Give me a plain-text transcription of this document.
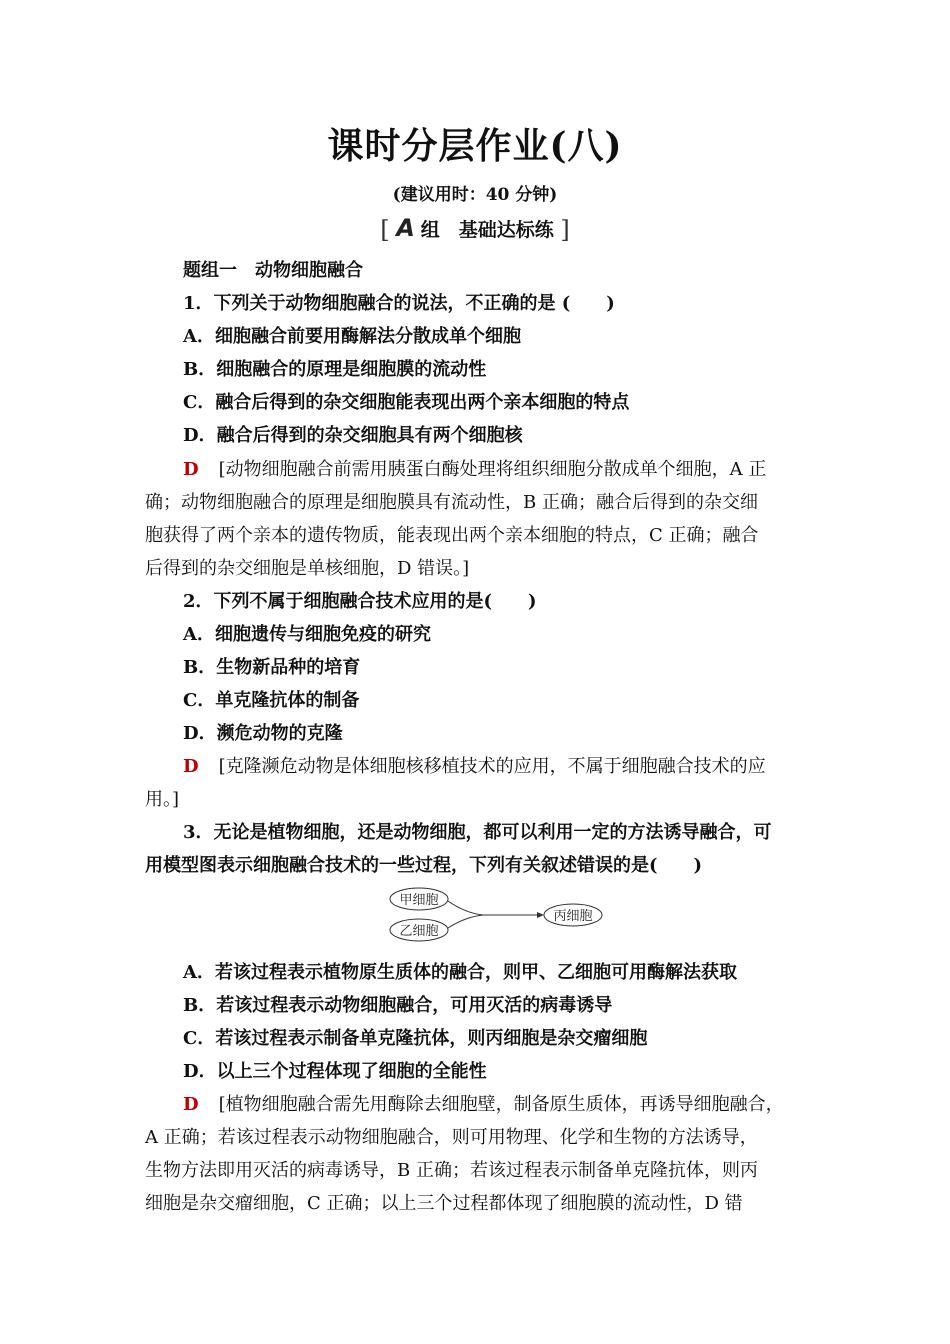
课时分层作业(八)
(建议用时：40 分钟)
[ A 组　基础达标练 ]
题组一　动物细胞融合
1．下列关于动物细胞融合的说法，不正确的是 (　　)
A．细胞融合前要用酶解法分散成单个细胞
B．细胞融合的原理是细胞膜的流动性
C．融合后得到的杂交细胞能表现出两个亲本细胞的特点
D．融合后得到的杂交细胞具有两个细胞核
D [动物细胞融合前需用胰蛋白酶处理将组织细胞分散成单个细胞，A 正
确；动物细胞融合的原理是细胞膜具有流动性，B 正确；融合后得到的杂交细
胞获得了两个亲本的遗传物质，能表现出两个亲本细胞的特点，C 正确；融合
后得到的杂交细胞是单核细胞，D 错误。]
2．下列不属于细胞融合技术应用的是(　　)
A．细胞遗传与细胞免疫的研究
B．生物新品种的培育
C．单克隆抗体的制备
D．濒危动物的克隆
D [克隆濒危动物是体细胞核移植技术的应用，不属于细胞融合技术的应
用。]
3．无论是植物细胞，还是动物细胞，都可以利用一定的方法诱导融合，可
用模型图表示细胞融合技术的一些过程，下列有关叙述错误的是(　　)
甲细胞
乙细胞
丙细胞
A．若该过程表示植物原生质体的融合，则甲、乙细胞可用酶解法获取
B．若该过程表示动物细胞融合，可用灭活的病毒诱导
C．若该过程表示制备单克隆抗体，则丙细胞是杂交瘤细胞
D．以上三个过程体现了细胞的全能性
D [植物细胞融合需先用酶除去细胞壁，制备原生质体，再诱导细胞融合，
A 正确；若该过程表示动物细胞融合，则可用物理、化学和生物的方法诱导，
生物方法即用灭活的病毒诱导，B 正确；若该过程表示制备单克隆抗体，则丙
细胞是杂交瘤细胞，C 正确；以上三个过程都体现了细胞膜的流动性，D 错
